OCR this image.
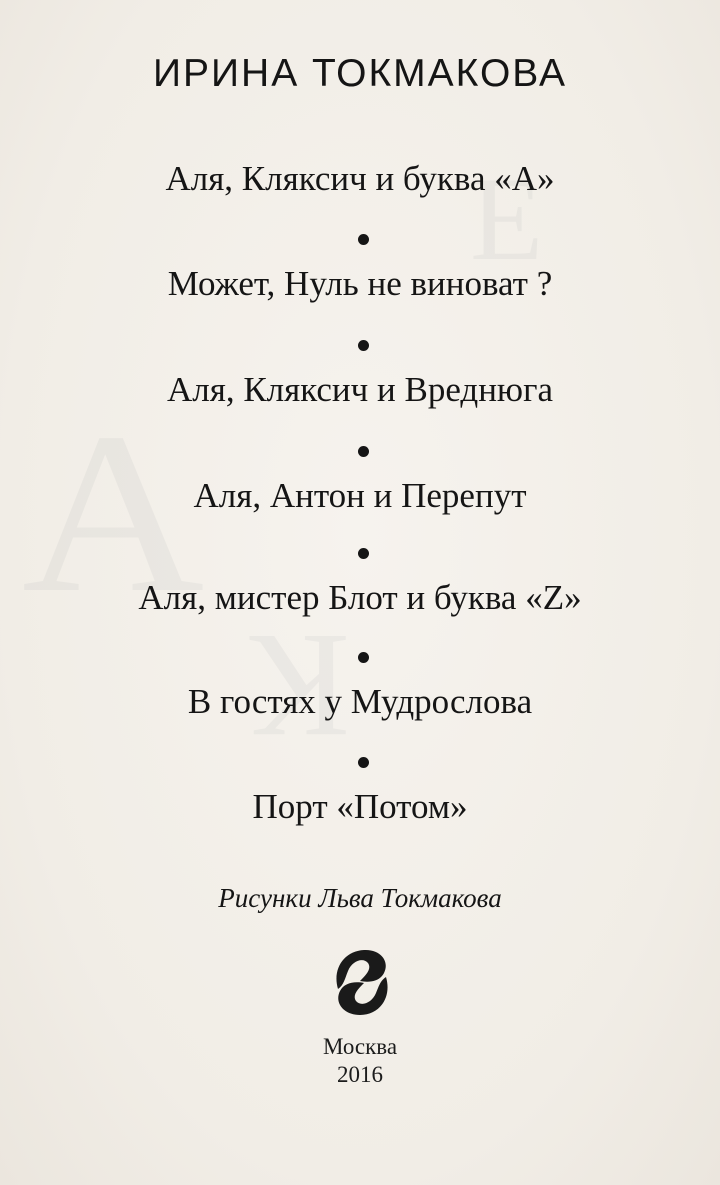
А
Е
К
ИРИНА ТОКМАКОВА
Аля, Кляксич и буква «А»
Может, Нуль не виноват ?
Аля, Кляксич и Вреднюга
Аля, Антон и Перепут
Аля, мистер Блот и буква «Z»
В гостях у Мудрослова
Порт «Потом»
Рисунки Льва Токмакова
Москва
2016
